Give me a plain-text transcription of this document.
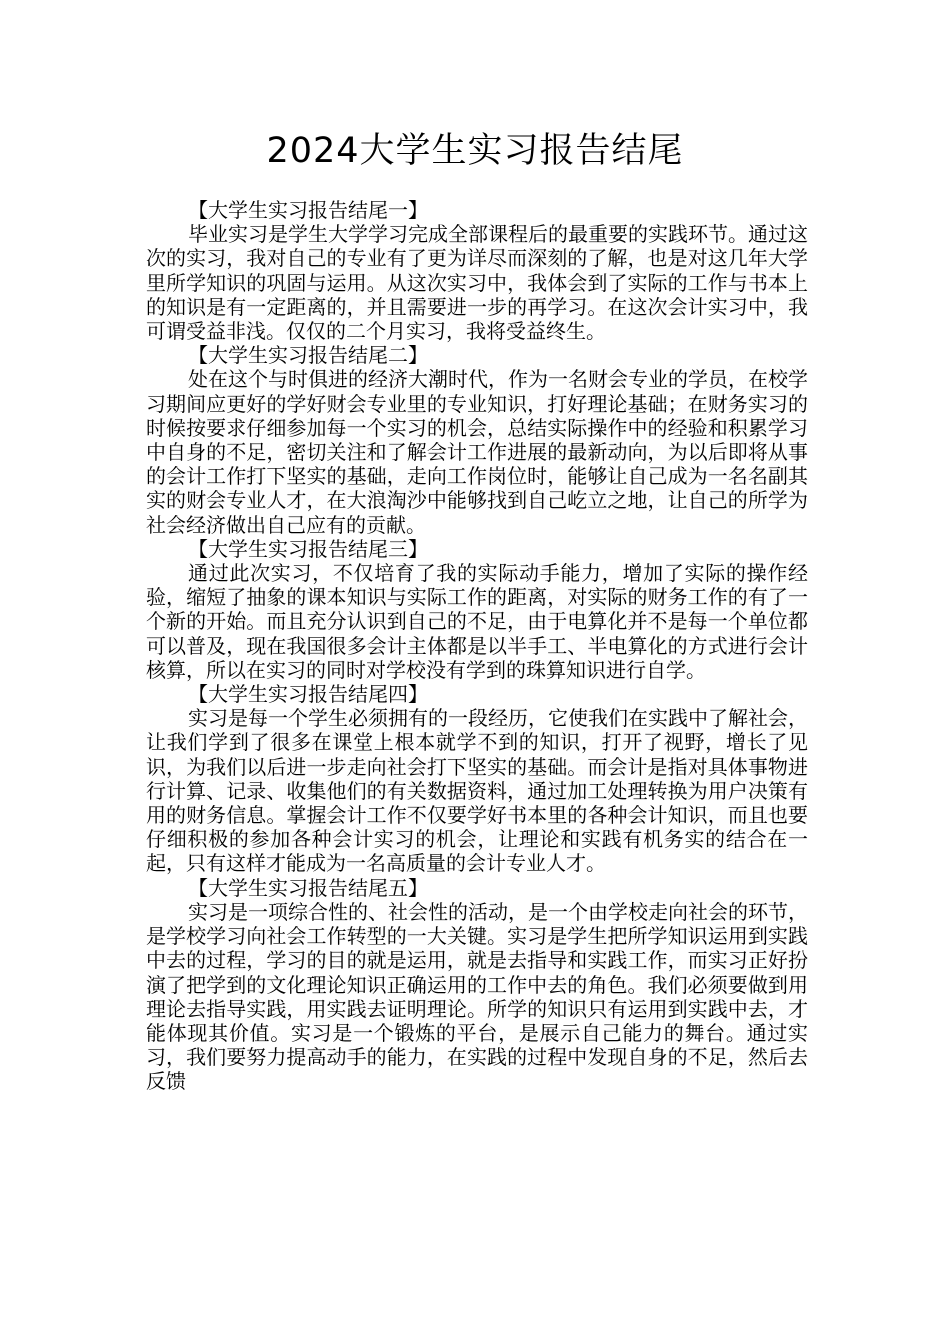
2024大学生实习报告结尾

【大学生实习报告结尾一】

毕业实习是学生大学学习完成全部课程后的最重要的实践环节。通过这次的实习，我对自己的专业有了更为详尽而深刻的了解，也是对这几年大学里所学知识的巩固与运用。从这次实习中，我体会到了实际的工作与书本上的知识是有一定距离的，并且需要进一步的再学习。在这次会计实习中，我可谓受益非浅。仅仅的二个月实习，我将受益终生。

【大学生实习报告结尾二】

处在这个与时俱进的经济大潮时代，作为一名财会专业的学员，在校学习期间应更好的学好财会专业里的专业知识，打好理论基础；在财务实习的时候按要求仔细参加每一个实习的机会，总结实际操作中的经验和积累学习中自身的不足，密切关注和了解会计工作进展的最新动向，为以后即将从事的会计工作打下坚实的基础，走向工作岗位时，能够让自己成为一名名副其实的财会专业人才，在大浪淘沙中能够找到自己屹立之地，让自己的所学为社会经济做出自己应有的贡献。

【大学生实习报告结尾三】

通过此次实习，不仅培育了我的实际动手能力，增加了实际的操作经验，缩短了抽象的课本知识与实际工作的距离，对实际的财务工作的有了一个新的开始。而且充分认识到自己的不足，由于电算化并不是每一个单位都可以普及，现在我国很多会计主体都是以半手工、半电算化的方式进行会计核算，所以在实习的同时对学校没有学到的珠算知识进行自学。

【大学生实习报告结尾四】

实习是每一个学生必须拥有的一段经历，它使我们在实践中了解社会，让我们学到了很多在课堂上根本就学不到的知识，打开了视野，增长了见识，为我们以后进一步走向社会打下坚实的基础。而会计是指对具体事物进行计算、记录、收集他们的有关数据资料，通过加工处理转换为用户决策有用的财务信息。掌握会计工作不仅要学好书本里的各种会计知识，而且也要仔细积极的参加各种会计实习的机会，让理论和实践有机务实的结合在一起，只有这样才能成为一名高质量的会计专业人才。

【大学生实习报告结尾五】

实习是一项综合性的、社会性的活动，是一个由学校走向社会的环节，是学校学习向社会工作转型的一大关键。实习是学生把所学知识运用到实践中去的过程，学习的目的就是运用，就是去指导和实践工作，而实习正好扮演了把学到的文化理论知识正确运用的工作中去的角色。我们必须要做到用理论去指导实践，用实践去证明理论。所学的知识只有运用到实践中去，才能体现其价值。实习是一个锻炼的平台，是展示自己能力的舞台。通过实习，我们要努力提高动手的能力，在实践的过程中发现自身的不足，然后去反馈
